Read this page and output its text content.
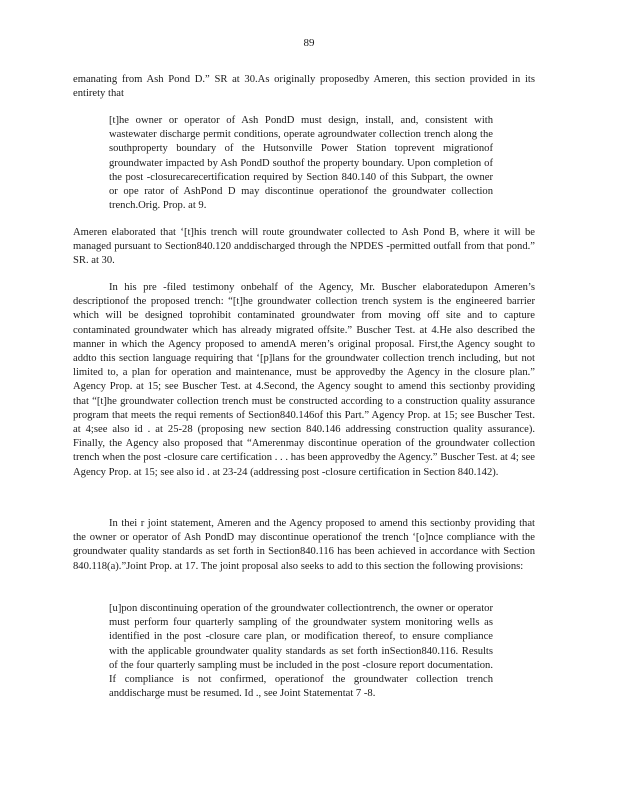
89

emanating from Ash Pond D.” SR at 30.As originally proposedby Ameren, this section provided in its entirety that

[t]he owner or operator of Ash PondD must design, install, and, consistent with wastewater discharge permit conditions, operate agroundwater collection trench along the southproperty boundary of the Hutsonville Power Station toprevent migrationof groundwater impacted by Ash PondD southof the property boundary. Upon completion of the post -closurecarecertification required by Section 840.140 of this Subpart, the owner or ope rator of AshPond D may discontinue operationof the groundwater collection trench.Orig. Prop. at 9.

Ameren elaborated that ‘[t]his trench will route groundwater collected to Ash Pond B, where it will be managed pursuant to Section840.120 anddischarged through the NPDES -permitted outfall from that pond.” SR. at 30.

In his pre -filed testimony onbehalf of the Agency, Mr. Buscher elaboratedupon Ameren’s descriptionof the proposed trench: “[t]he groundwater collection trench system is the engineered barrier which will be designed toprohibit contaminated groundwater from moving off site and to capture contaminated groundwater which has already migrated offsite.” Buscher Test. at 4.He also described the manner in which the Agency proposed to amendA meren’s original proposal. First,the Agency sought to addto this section language requiring that ‘[p]lans for the groundwater collection trench including, but not limited to, a plan for operation and maintenance, must be approvedby the Agency in the closure plan.” Agency Prop. at 15; see Buscher Test. at 4.Second, the Agency sought to amend this sectionby providing that “[t]he groundwater collection trench must be constructed according to a construction quality assurance program that meets the requi rements of Section840.146of this Part.” Agency Prop. at 15; see Buscher Test. at 4;see also id . at 25-28 (proposing new section 840.146 addressing construction quality assurance). Finally, the Agency also proposed that “Amerenmay discontinue operation of the groundwater collection trench when the post -closure care certification . . . has been approvedby the Agency.” Buscher Test. at 4; see Agency Prop. at 15; see also id . at 23-24 (addressing post -closure certification in Section 840.142).

In thei r joint statement, Ameren and the Agency proposed to amend this sectionby providing that the owner or operator of Ash PondD may discontinue operationof the trench ‘[o]nce compliance with the groundwater quality standards as set forth in Section840.116 has been achieved in accordance with Section 840.118(a).”Joint Prop. at 17. The joint proposal also seeks to add to this section the following provisions:

[u]pon discontinuing operation of the groundwater collectiontrench, the owner or operator must perform four quarterly sampling of the groundwater system monitoring wells as identified in the post -closure care plan, or modification thereof, to ensure compliance with the applicable groundwater quality standards as set forth inSection840.116. Results of the four quarterly sampling must be included in the post -closure report documentation. If compliance is not confirmed, operationof the groundwater collection trench anddischarge must be resumed. Id ., see Joint Statementat 7 -8.
